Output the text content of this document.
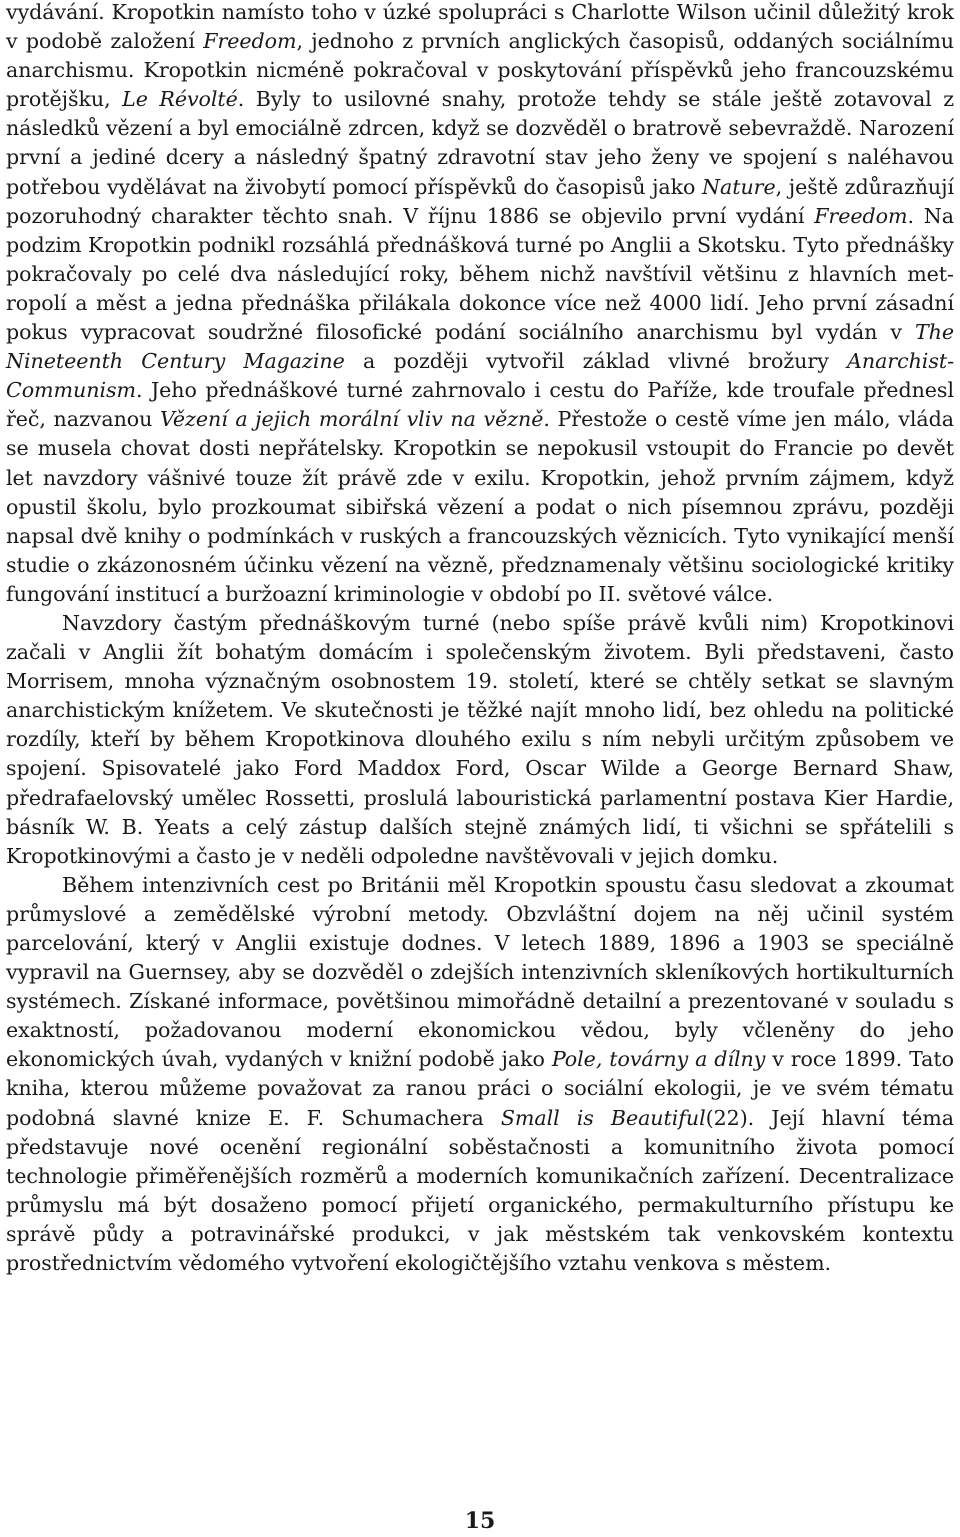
vydávání. Kropotkin namísto toho v úzké spolupráci s Charlotte Wilson učinil důležitý krok v podobě založení Freedom, jednoho z prvních anglických časopisů, oddaných sociálnímu anarchismu. Kropotkin nicméně pokračoval v poskytování příspěvků jeho francouzskému protějšku, Le Révolté. Byly to usilovné snahy, protože tehdy se stále ještě zotavoval z následků vězení a byl emociálně zdrcen, když se dozvěděl o bratrově sebevraždě. Narození první a jediné dcery a následný špatný zdravotní stav jeho ženy ve spojení s naléhavou potřebou vydělávat na živobytí pomocí příspěvků do časopisů jako Nature, ještě zdůrazňují pozoruhodný charakter těchto snah. V říjnu 1886 se objevilo první vydání Freedom. Na podzim Kropotkin podnikl rozsáhlá přednášková turné po Anglii a Skotsku. Tyto přednášky pokračovaly po celé dva následující roky, během nichž navštívil většinu z hlavních metropolí a měst a jedna přednáška přilákala dokonce více než 4000 lidí. Jeho první zásadní pokus vypracovat soudržné filosofické podání sociálního anarchismu byl vydán v The Nineteenth Century Magazine a později vytvořil základ vlivné brožury Anarchist-Communism. Jeho přednáškové turné zahrnovalo i cestu do Paříže, kde troufale přednesl řeč, nazvanou Vězení a jejich morální vliv na vězně. Přestože o cestě víme jen málo, vláda se musela chovat dosti nepřátelsky. Kropotkin se nepokusil vstoupit do Francie po devět let navzdory vášnivé touze žít právě zde v exilu. Kropotkin, jehož prvním zájmem, když opustil školu, bylo prozkoumat sibiřská vězení a podat o nich písemnou zprávu, později napsal dvě knihy o podmínkách v ruských a francouzských věznicích. Tyto vynikající menší studie o zkázonosném účinku vězení na vězně, předznamenaly většinu sociologické kritiky fungování institucí a buržoazní kriminologie v období po II. světové válce.

Navzdory častým přednáškovým turné (nebo spíše právě kvůli nim) Kropotkinovi začali v Anglii žít bohatým domácím i společenským životem. Byli představeni, často Morrisem, mnoha význačným osobnostem 19. století, které se chtěly setkat se slavným anarchistickým knížetem. Ve skutečnosti je těžké najít mnoho lidí, bez ohledu na politické rozdíly, kteří by během Kropotkinova dlouhého exilu s ním nebyli určitým způsobem ve spojení. Spisovatelé jako Ford Maddox Ford, Oscar Wilde a George Bernard Shaw, předrafaelovský umělec Rossetti, proslulá labouristická parlamentní postava Kier Hardie, básník W. B. Yeats a celý zástup dalších stejně známých lidí, ti všichni se spřátelili s Kropotkinovými a často je v neděli odpoledne navštěvovali v jejich domku.

Během intenzivních cest po Británii měl Kropotkin spoustu času sledovat a zkoumat průmyslové a zemědělské výrobní metody. Obzvláštní dojem na něj učinil systém parcelování, který v Anglii existuje dodnes. V letech 1889, 1896 a 1903 se speciálně vypravil na Guernsey, aby se dozvěděl o zdejších intenzivních skleníkových hortikulturních systémech. Získané informace, povětšinou mimořádně detailní a prezentované v souladu s exaktností, požadovanou moderní ekonomickou vědou, byly včleněny do jeho ekonomických úvah, vydaných v knižní podobě jako Pole, továrny a dílny v roce 1899. Tato kniha, kterou můžeme považovat za ranou práci o sociální ekologii, je ve svém tématu podobná slavné knize E. F. Schumachera Small is Beautiful(22). Její hlavní téma představuje nové ocenění regionální soběstačnosti a komunitního života pomocí technologie přiměřenějších rozměrů a moderních komunikačních zařízení. Decentralizace průmyslu má být dosaženo pomocí přijetí organického, permakulturního přístupu ke správě půdy a potravinářské produkci, v jak městském tak venkovském kontextu prostřednictvím vědomého vytvoření ekologičtějšího vztahu venkova s městem.

15
